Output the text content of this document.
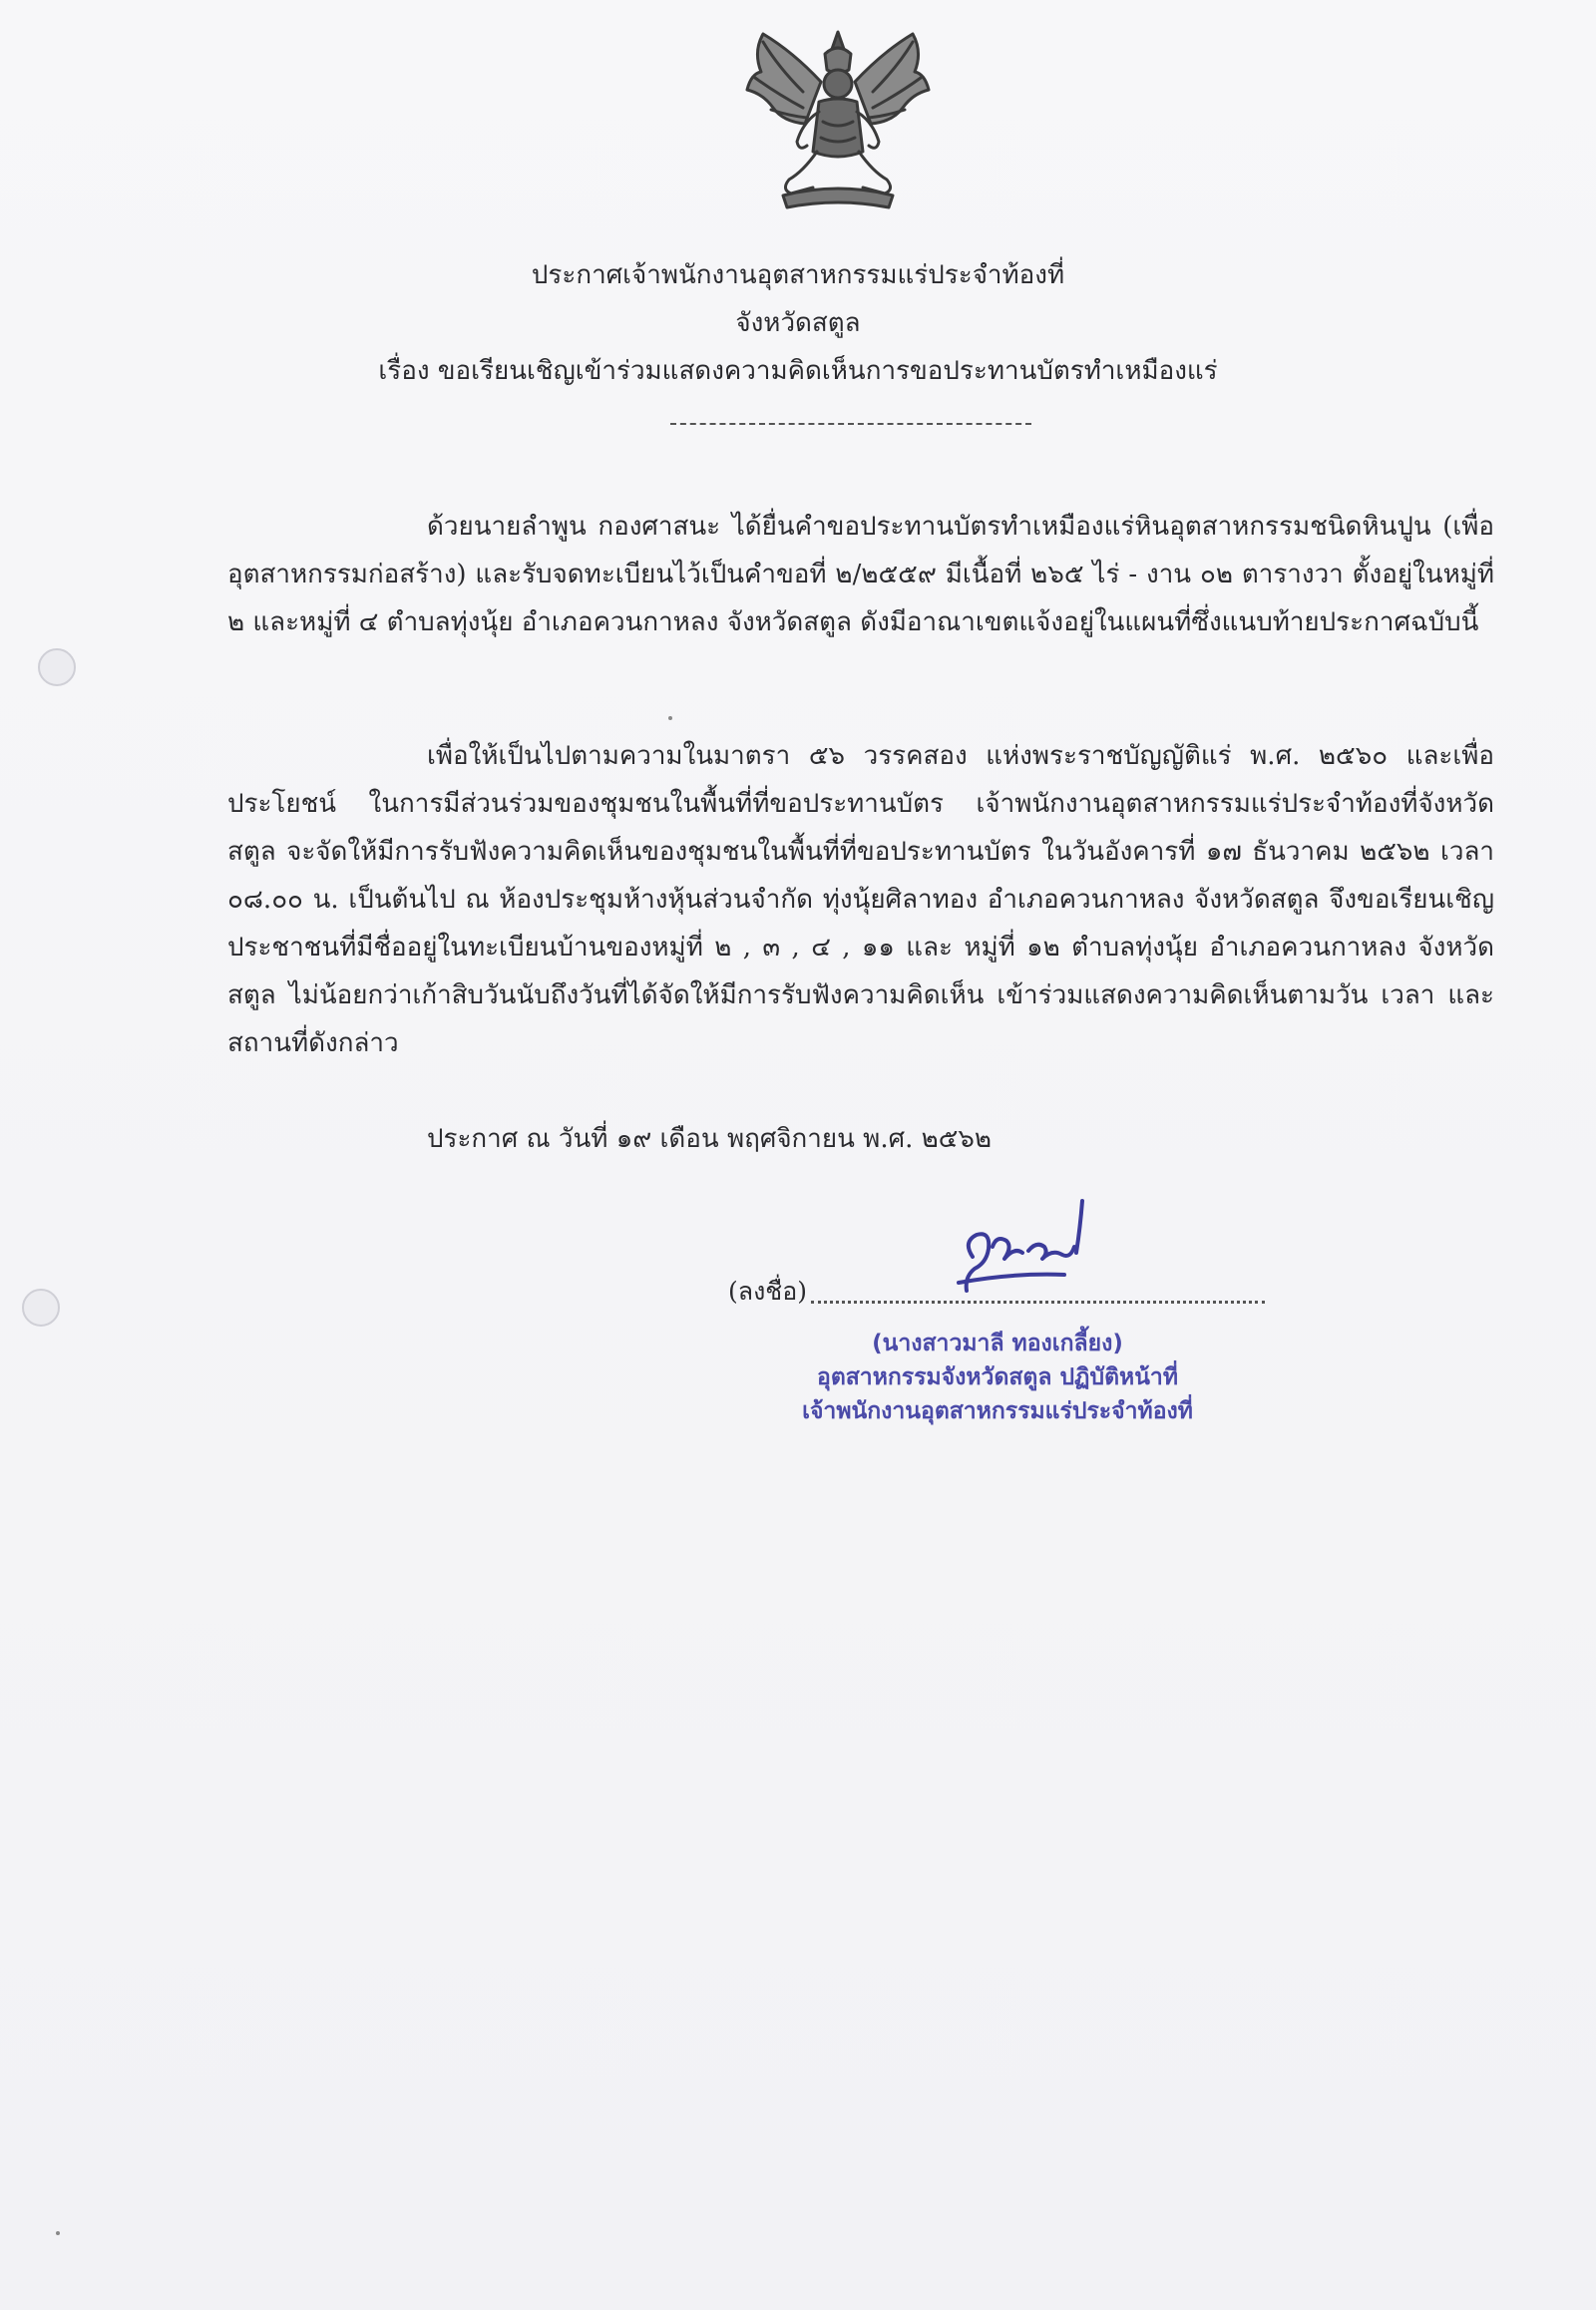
ประกาศเจ้าพนักงานอุตสาหกรรมแร่ประจำท้องที่
จังหวัดสตูล
เรื่อง ขอเรียนเชิญเข้าร่วมแสดงความคิดเห็นการขอประทานบัตรทำเหมืองแร่

ด้วยนายลำพูน กองศาสนะ ได้ยื่นคำขอประทานบัตรทำเหมืองแร่หินอุตสาหกรรมชนิดหินปูน (เพื่ออุตสาหกรรมก่อสร้าง) และรับจดทะเบียนไว้เป็นคำขอที่ ๒/๒๕๕๙ มีเนื้อที่ ๒๖๕ ไร่ - งาน ๐๒ ตารางวา ตั้งอยู่ในหมู่ที่ ๒ และหมู่ที่ ๔ ตำบลทุ่งนุ้ย อำเภอควนกาหลง จังหวัดสตูล ดังมีอาณาเขตแจ้งอยู่ในแผนที่ซึ่งแนบท้ายประกาศฉบับนี้

เพื่อให้เป็นไปตามความในมาตรา ๕๖ วรรคสอง แห่งพระราชบัญญัติแร่ พ.ศ. ๒๕๖๐ และเพื่อประโยชน์ ในการมีส่วนร่วมของชุมชนในพื้นที่ที่ขอประทานบัตร เจ้าพนักงานอุตสาหกรรมแร่ประจำท้องที่จังหวัดสตูล จะจัดให้มีการรับฟังความคิดเห็นของชุมชนในพื้นที่ที่ขอประทานบัตร ในวันอังคารที่ ๑๗ ธันวาคม ๒๕๖๒ เวลา ๐๘.๐๐ น. เป็นต้นไป ณ ห้องประชุมห้างหุ้นส่วนจำกัด ทุ่งนุ้ยศิลาทอง อำเภอควนกาหลง จังหวัดสตูล จึงขอเรียนเชิญประชาชนที่มีชื่ออยู่ในทะเบียนบ้านของหมู่ที่ ๒ , ๓ , ๔ , ๑๑ และ หมู่ที่ ๑๒ ตำบลทุ่งนุ้ย อำเภอควนกาหลง จังหวัดสตูล ไม่น้อยกว่าเก้าสิบวันนับถึงวันที่ได้จัดให้มีการรับฟังความคิดเห็น เข้าร่วมแสดงความคิดเห็นตามวัน เวลา และสถานที่ดังกล่าว

ประกาศ ณ วันที่ ๑๙ เดือน พฤศจิกายน พ.ศ. ๒๕๖๒
(ลงชื่อ)
(นางสาวมาลี ทองเกลี้ยง)
อุตสาหกรรมจังหวัดสตูล ปฏิบัติหน้าที่
เจ้าพนักงานอุตสาหกรรมแร่ประจำท้องที่
